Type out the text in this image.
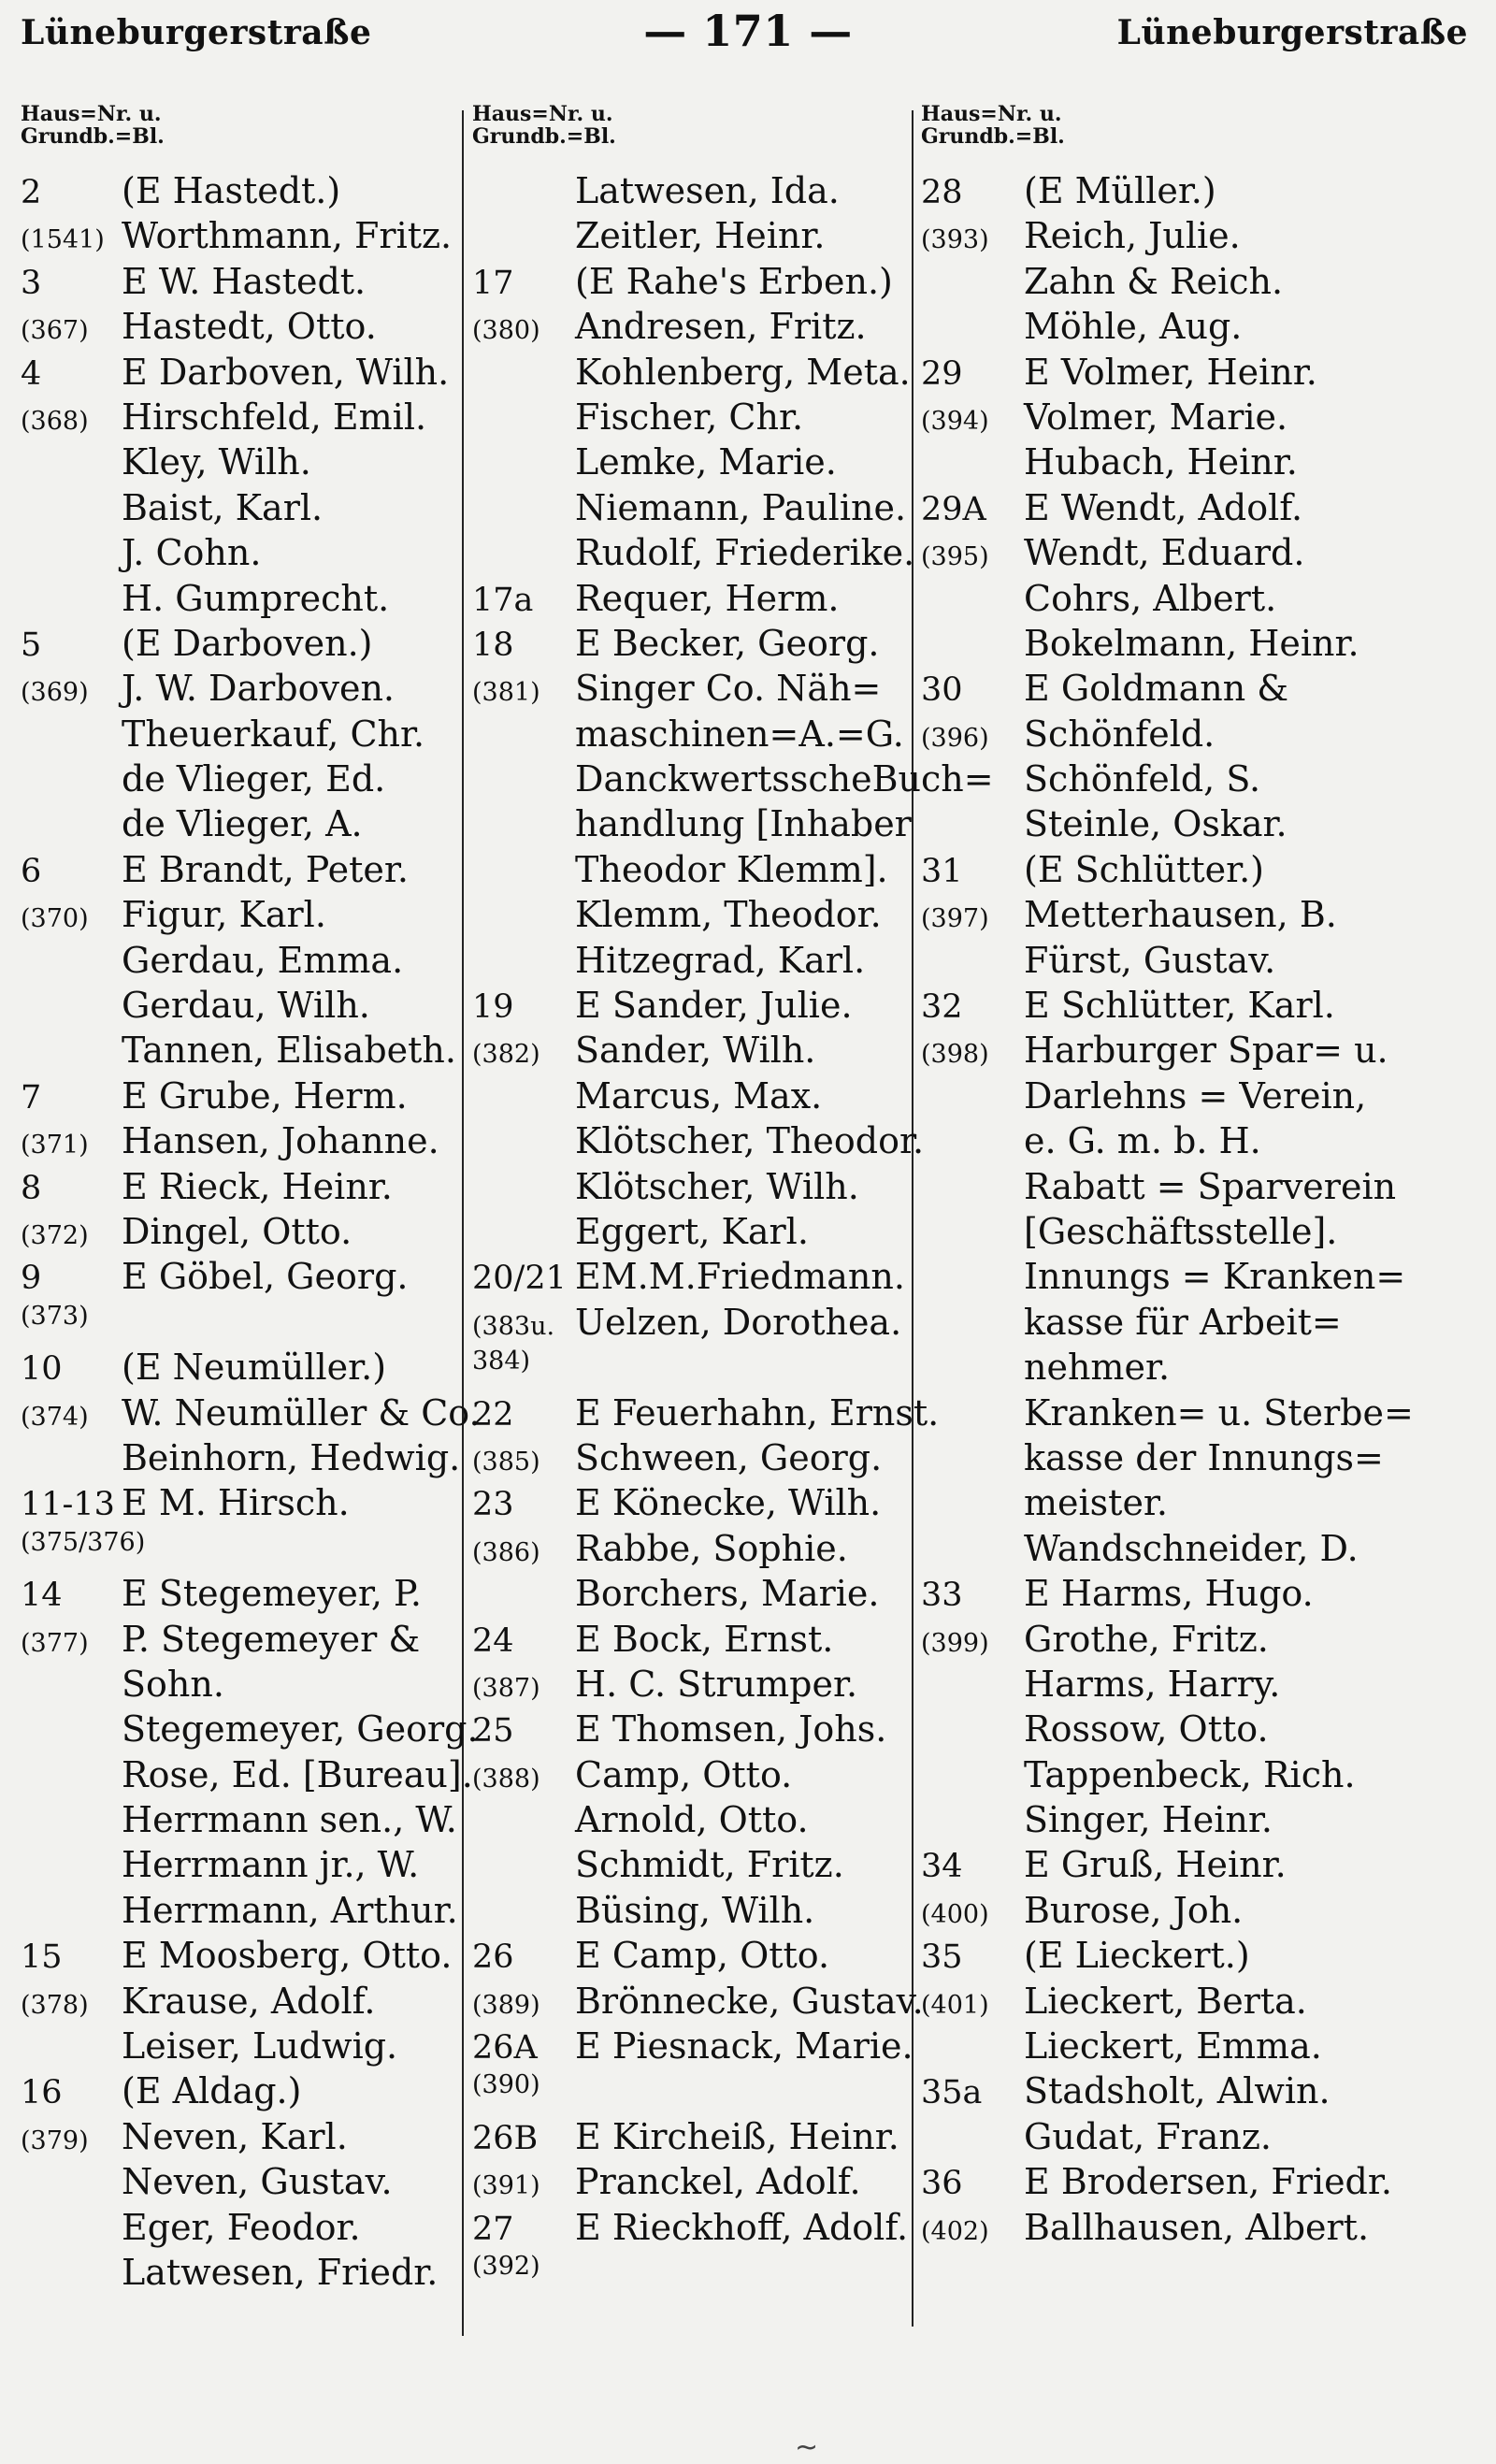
Lüneburgerstraße	— 171 —	Lüneburgerstraße
Haus=Nr. u.
Grundb.=Bl.
2	(E Hastedt.)
(1541) Worthmann, Fritz.
3	E W. Hastedt.
(367) Hastedt, Otto.
4	E Darboven, Wilh.
(368) Hirschfeld, Emil.
Kley, Wilh.
Baist, Karl.
J. Cohn.
H. Gumprecht.
5	(E Darboven.)
(369) J. W. Darboven.
Theuerkauf, Chr.
de Vlieger, Ed.
de Vlieger, A.
6	E Brandt, Peter.
(370) Figur, Karl.
Gerdau, Emma.
Gerdau, Wilh.
Tannen, Elisabeth.
7	E Grube, Herm.
(371) Hansen, Johanne.
8	E Rieck, Heinr.
(372) Dingel, Otto.
9	E Göbel, Georg.
(373)
10	(E Neumüller.)
(374) W. Neumüller & Co.
Beinhorn, Hedwig.
11-13 E M. Hirsch.
(375/376)
14	E Stegemeyer, P.
(377) P. Stegemeyer &
Sohn.
Stegemeyer, Georg.
Rose, Ed. [Bureau].
Herrmann sen., W.
Herrmann jr., W.
Herrmann, Arthur.
15	E Moosberg, Otto.
(378) Krause, Adolf.
Leiser, Ludwig.
16	(E Aldag.)
(379) Neven, Karl.
Neven, Gustav.
Eger, Feodor.
Latwesen, Friedr.
Haus=Nr. u.
Grundb.=Bl.
Latwesen, Ida.
Zeitler, Heinr.
17	(E Rahe's Erben.)
(380) Andresen, Fritz.
Kohlenberg, Meta.
Fischer, Chr.
Lemke, Marie.
Niemann, Pauline.
Rudolf, Friederike.
17a	Requer, Herm.
18	E Becker, Georg.
(381) Singer Co. Näh=
maschinen=A.=G.
DanckwertsscheBuch=
handlung [Inhaber
Theodor Klemm].
Klemm, Theodor.
Hitzegrad, Karl.
19	E Sander, Julie.
(382) Sander, Wilh.
Marcus, Max.
Klötscher, Theodor.
Klötscher, Wilh.
Eggert, Karl.
20/21 EM.M.Friedmann.
(383u. Uelzen, Dorothea.
384)
22	E Feuerhahn, Ernst.
(385) Schween, Georg.
23	E Könecke, Wilh.
(386) Rabbe, Sophie.
Borchers, Marie.
24	E Bock, Ernst.
(387) H. C. Strumper.
25	E Thomsen, Johs.
(388) Camp, Otto.
Arnold, Otto.
Schmidt, Fritz.
Büsing, Wilh.
26	E Camp, Otto.
(389) Brönnecke, Gustav.
26A	E Piesnack, Marie.
(390)
26B	E Kircheiß, Heinr.
(391) Pranckel, Adolf.
27	E Rieckhoff, Adolf.
(392)
Haus=Nr. u.
Grundb.=Bl.
28	(E Müller.)
(393) Reich, Julie.
Zahn & Reich.
Möhle, Aug.
29	E Volmer, Heinr.
(394) Volmer, Marie.
Hubach, Heinr.
29A	E Wendt, Adolf.
(395) Wendt, Eduard.
Cohrs, Albert.
Bokelmann, Heinr.
30	E Goldmann &
(396) Schönfeld.
Schönfeld, S.
Steinle, Oskar.
31	(E Schlütter.)
(397) Metterhausen, B.
Fürst, Gustav.
32	E Schlütter, Karl.
(398) Harburger Spar= u.
Darlehns = Verein,
e. G. m. b. H.
Rabatt = Sparverein
[Geschäftsstelle].
Innungs = Kranken=
kasse für Arbeit=
nehmer.
Kranken= u. Sterbe=
kasse der Innungs=
meister.
Wandschneider, D.
33	E Harms, Hugo.
(399) Grothe, Fritz.
Harms, Harry.
Rossow, Otto.
Tappenbeck, Rich.
Singer, Heinr.
34	E Gruß, Heinr.
(400) Burose, Joh.
35	(E Lieckert.)
(401) Lieckert, Berta.
Lieckert, Emma.
35a	Stadsholt, Alwin.
Gudat, Franz.
36	E Brodersen, Friedr.
(402) Ballhausen, Albert.
~
